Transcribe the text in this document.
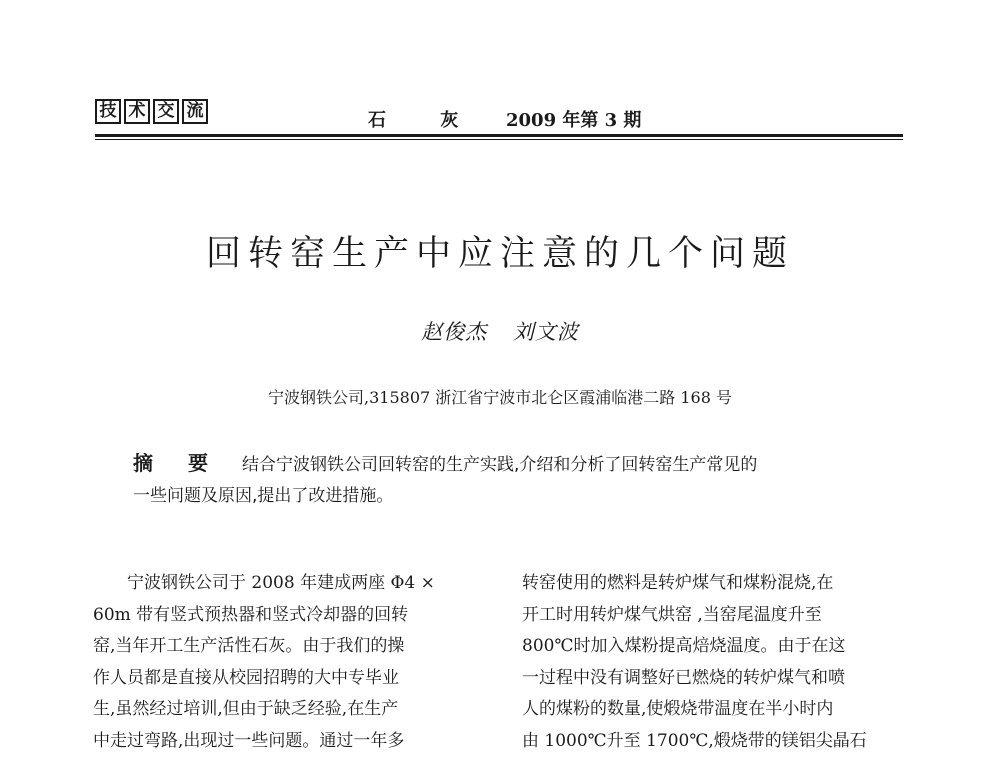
技 术 交 流	石 灰 2009 年第 3 期
回转窑生产中应注意的几个问题
赵俊杰 刘文波
宁波钢铁公司,315807 浙江省宁波市北仑区霞浦临港二路 168 号
摘 要 结合宁波钢铁公司回转窑的生产实践,介绍和分析了回转窑生产常见的
一些问题及原因,提出了改进措施。
宁波钢铁公司于 2008 年建成两座 Φ4 ×
60m 带有竖式预热器和竖式冷却器的回转
窑,当年开工生产活性石灰。由于我们的操
作人员都是直接从校园招聘的大中专毕业
生,虽然经过培训,但由于缺乏经验,在生产
中走过弯路,出现过一些问题。通过一年多
转窑使用的燃料是转炉煤气和煤粉混烧,在
开工时用转炉煤气烘窑 ,当窑尾温度升至
800℃时加入煤粉提高焙烧温度。由于在这
一过程中没有调整好已燃烧的转炉煤气和喷
人的煤粉的数量,使煅烧带温度在半小时内
由 1000℃升至 1700℃,煅烧带的镁铝尖晶石
